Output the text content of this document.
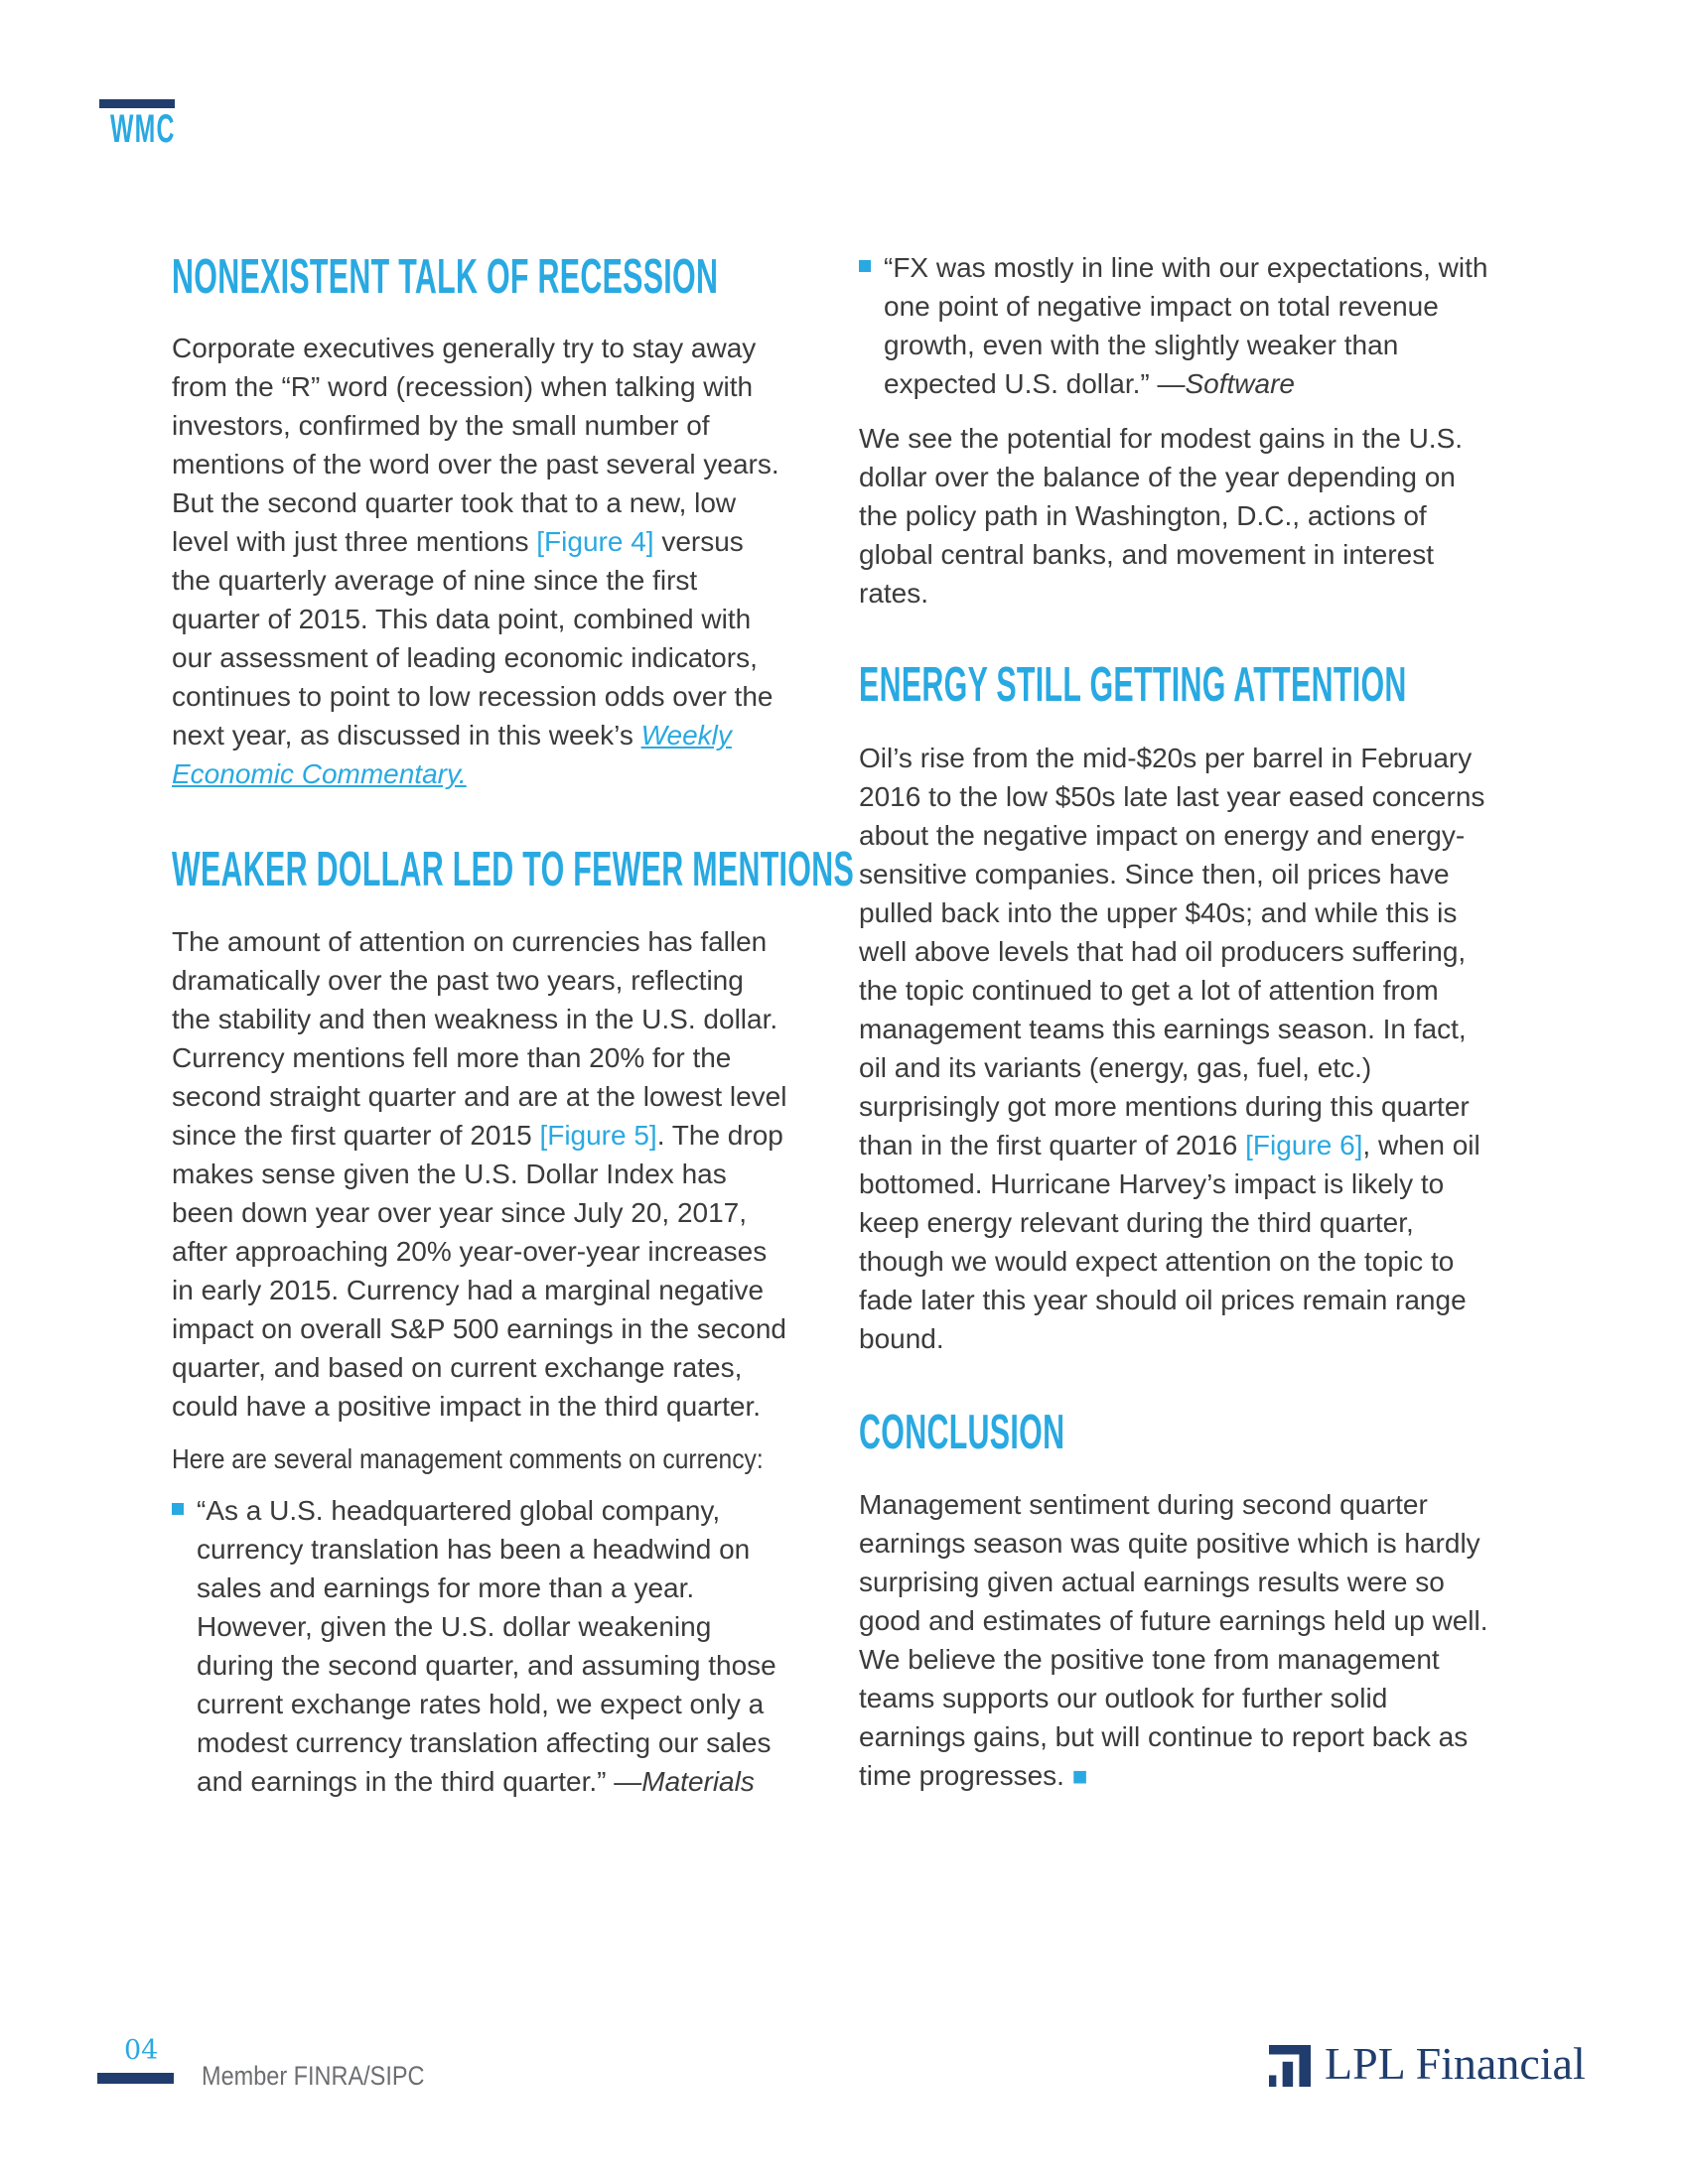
WMC
NONEXISTENT TALK OF RECESSION

Corporate executives generally try to stay away from the “R” word (recession) when talking with investors, confirmed by the small number of mentions of the word over the past several years. But the second quarter took that to a new, low level with just three mentions [Figure 4] versus the quarterly average of nine since the first quarter of 2015. This data point, combined with our assessment of leading economic indicators, continues to point to low recession odds over the next year, as discussed in this week’s Weekly Economic Commentary.

WEAKER DOLLAR LED TO FEWER MENTIONS

The amount of attention on currencies has fallen dramatically over the past two years, reflecting the stability and then weakness in the U.S. dollar. Currency mentions fell more than 20% for the second straight quarter and are at the lowest level since the first quarter of 2015 [Figure 5]. The drop makes sense given the U.S. Dollar Index has been down year over year since July 20, 2017, after approaching 20% year-over-year increases in early 2015. Currency had a marginal negative impact on overall S&P 500 earnings in the second quarter, and based on current exchange rates, could have a positive impact in the third quarter.

Here are several management comments on currency:
“As a U.S. headquartered global company, currency translation has been a headwind on sales and earnings for more than a year. However, given the U.S. dollar weakening during the second quarter, and assuming those current exchange rates hold, we expect only a modest currency translation affecting our sales and earnings in the third quarter.” —Materials
“FX was mostly in line with our expectations, with one point of negative impact on total revenue growth, even with the slightly weaker than expected U.S. dollar.” —Software

We see the potential for modest gains in the U.S. dollar over the balance of the year depending on the policy path in Washington, D.C., actions of global central banks, and movement in interest rates.

ENERGY STILL GETTING ATTENTION

Oil’s rise from the mid-$20s per barrel in February 2016 to the low $50s late last year eased concerns about the negative impact on energy and energy-sensitive companies. Since then, oil prices have pulled back into the upper $40s; and while this is well above levels that had oil producers suffering, the topic continued to get a lot of attention from management teams this earnings season. In fact, oil and its variants (energy, gas, fuel, etc.) surprisingly got more mentions during this quarter than in the first quarter of 2016 [Figure 6], when oil bottomed. Hurricane Harvey’s impact is likely to keep energy relevant during the third quarter, though we would expect attention on the topic to fade later this year should oil prices remain range bound.

CONCLUSION

Management sentiment during second quarter earnings season was quite positive which is hardly surprising given actual earnings results were so good and estimates of future earnings held up well. We believe the positive tone from management teams supports our outlook for further solid earnings gains, but will continue to report back as time progresses. ■

04
Member FINRA/SIPC	LPL Financial
